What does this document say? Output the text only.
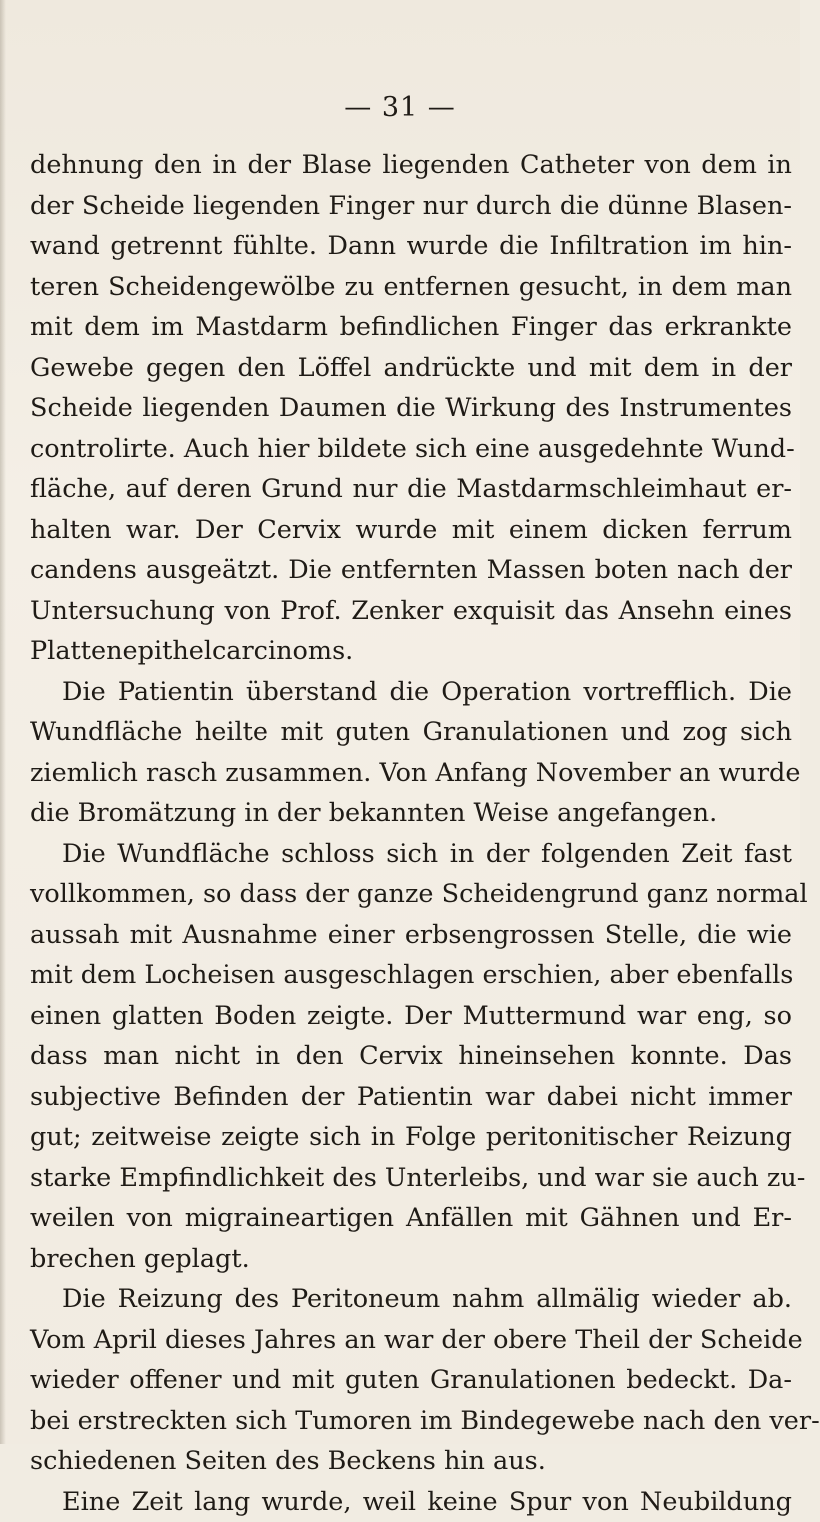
— 31 —
dehnung den in der Blase liegenden Catheter von dem in
der Scheide liegenden Finger nur durch die dünne Blasen-
wand getrennt fühlte. Dann wurde die Infiltration im hin-
teren Scheidengewölbe zu entfernen gesucht, in dem man
mit dem im Mastdarm befindlichen Finger das erkrankte
Gewebe gegen den Löffel andrückte und mit dem in der
Scheide liegenden Daumen die Wirkung des Instrumentes
controlirte. Auch hier bildete sich eine ausgedehnte Wund-
fläche, auf deren Grund nur die Mastdarmschleimhaut er-
halten war. Der Cervix wurde mit einem dicken ferrum
candens ausgeätzt. Die entfernten Massen boten nach der
Untersuchung von Prof. Zenker exquisit das Ansehn eines
Plattenepithelcarcinoms.
Die Patientin überstand die Operation vortrefflich. Die
Wundfläche heilte mit guten Granulationen und zog sich
ziemlich rasch zusammen. Von Anfang November an wurde
die Bromätzung in der bekannten Weise angefangen.
Die Wundfläche schloss sich in der folgenden Zeit fast
vollkommen, so dass der ganze Scheidengrund ganz normal
aussah mit Ausnahme einer erbsengrossen Stelle, die wie
mit dem Locheisen ausgeschlagen erschien, aber ebenfalls
einen glatten Boden zeigte. Der Muttermund war eng, so
dass man nicht in den Cervix hineinsehen konnte. Das
subjective Befinden der Patientin war dabei nicht immer
gut; zeitweise zeigte sich in Folge peritonitischer Reizung
starke Empfindlichkeit des Unterleibs, und war sie auch zu-
weilen von migraineartigen Anfällen mit Gähnen und Er-
brechen geplagt.
Die Reizung des Peritoneum nahm allmälig wieder ab.
Vom April dieses Jahres an war der obere Theil der Scheide
wieder offener und mit guten Granulationen bedeckt. Da-
bei erstreckten sich Tumoren im Bindegewebe nach den ver-
schiedenen Seiten des Beckens hin aus.
Eine Zeit lang wurde, weil keine Spur von Neubildung
